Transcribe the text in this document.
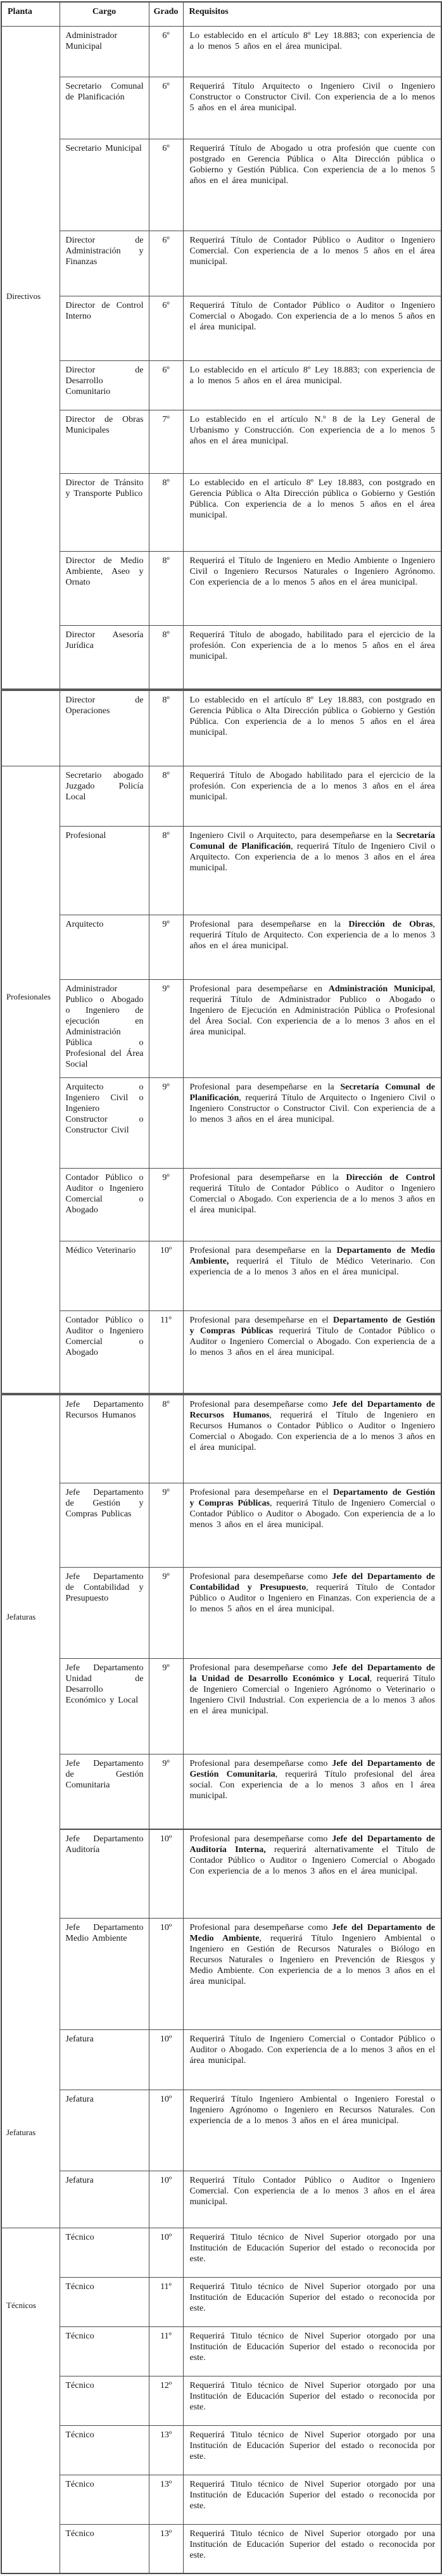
Planta	Cargo	Grado	Requisitos

Directivos	Administrador Municipal	6º	Lo establecido en el artículo 8º Ley 18.883; con experiencia de a lo menos 5 años en el área municipal.
	Secretario Comunal de Planificación	6º	Requerirá Título Arquitecto o Ingeniero Civil o Ingeniero Constructor o Constructor Civil. Con experiencia de a lo menos 5 años en el área municipal.
	Secretario Municipal	6º	Requerirá Título de Abogado u otra profesión que cuente con postgrado en Gerencia Pública o Alta Dirección pública o Gobierno y Gestión Pública. Con experiencia de a lo menos 5 años en el área municipal.
	Director de Administración y Finanzas	6º	Requerirá Título de Contador Público o Auditor o Ingeniero Comercial. Con experiencia de a lo menos 5 años en el área municipal.
	Director de Control Interno	6º	Requerirá Título de Contador Público o Auditor o Ingeniero Comercial o Abogado. Con experiencia de a lo menos 5 años en el área municipal.
	Director de Desarrollo Comunitario	6º	Lo establecido en el artículo 8º Ley 18.883; con experiencia de a lo menos 5 años en el área municipal.
	Director de Obras Municipales	7º	Lo establecido en el artículo N.º 8 de la Ley General de Urbanismo y Construcción. Con experiencia de a lo menos 5 años en el área municipal.
	Director de Tránsito y Transporte Publico	8º	Lo establecido en el artículo 8º Ley 18.883, con postgrado en Gerencia Pública o Alta Dirección pública o Gobierno y Gestión Pública. Con experiencia de a lo menos 5 años en el área municipal.
	Director de Medio Ambiente, Aseo y Ornato	8º	Requerirá el Título de Ingeniero en Medio Ambiente o Ingeniero Civil o Ingeniero Recursos Naturales o Ingeniero Agrónomo. Con experiencia de a lo menos 5 años en el área municipal.
	Director Asesoría Jurídica	8º	Requerirá Título de abogado, habilitado para el ejercicio de la profesión. Con experiencia de a lo menos 5 años en el área municipal.
	Director de Operaciones	8º	Lo establecido en el artículo 8º Ley 18.883, con postgrado en Gerencia Pública o Alta Dirección pública o Gobierno y Gestión Pública. Con experiencia de a lo menos 5 años en el área municipal.

Profesionales	Secretario abogado Juzgado Policía Local	8º	Requerirá Título de Abogado habilitado para el ejercicio de la profesión. Con experiencia de a lo menos 3 años en el área municipal.
	Profesional	8º	Ingeniero Civil o Arquitecto, para desempeñarse en la Secretaría Comunal de Planificación, requerirá Título de Ingeniero Civil o Arquitecto. Con experiencia de a lo menos 3 años en el área municipal.
	Arquitecto	9º	Profesional para desempeñarse en la Dirección de Obras, requerirá Título de Arquitecto. Con experiencia de a lo menos 3 años en el área municipal.
	Administrador Publico o Abogado o Ingeniero de ejecución en Administración Pública o Profesional del Área Social	9º	Profesional para desempeñarse en Administración Municipal, requerirá Título de Administrador Publico o Abogado o Ingeniero de Ejecución en Administración Pública o Profesional del Área Social. Con experiencia de a lo menos 3 años en el área municipal.
	Arquitecto o Ingeniero Civil o Ingeniero Constructor o Constructor Civil	9º	Profesional para desempeñarse en la Secretaría Comunal de Planificación, requerirá Título de Arquitecto o Ingeniero Civil o Ingeniero Constructor o Constructor Civil. Con experiencia de a lo menos 3 años en el área municipal.
	Contador Público o Auditor o Ingeniero Comercial o Abogado	9º	Profesional para desempeñarse en la Dirección de Control requerirá Título de Contador Público o Auditor o Ingeniero Comercial o Abogado. Con experiencia de a lo menos 3 años en el área municipal.
	Médico Veterinario	10º	Profesional para desempeñarse en la Departamento de Medio Ambiente, requerirá el Título de Médico Veterinario. Con experiencia de a lo menos 3 años en el área municipal.
	Contador Público o Auditor o Ingeniero Comercial o Abogado	11º	Profesional para desempeñarse en el Departamento de Gestión y Compras Públicas requerirá Título de Contador Público o Auditor o Ingeniero Comercial o Abogado. Con experiencia de a lo menos 3 años en el área municipal.

Jefaturas
Jefaturas	Jefe Departamento Recursos Humanos	8º	Profesional para desempeñarse como Jefe del Departamento de Recursos Humanos, requerirá el Título de Ingeniero en Recursos Humanos o Contador Público o Auditor o Ingeniero Comercial o Abogado. Con experiencia de a lo menos 3 años en el área municipal.
	Jefe Departamento de Gestión y Compras Publicas	9º	Profesional para desempeñarse en el Departamento de Gestión y Compras Públicas, requerirá Título de Ingeniero Comercial o Contador Público o Auditor o Abogado. Con experiencia de a lo menos 3 años en el área municipal.
	Jefe Departamento de Contabilidad y Presupuesto	9º	Profesional para desempeñarse como Jefe del Departamento de Contabilidad y Presupuesto, requerirá Título de Contador Público o Auditor o Ingeniero en Finanzas. Con experiencia de a lo menos 5 años en el área municipal.
	Jefe Departamento Unidad de Desarrollo Económico y Local	9º	Profesional para desempeñarse como Jefe del Departamento de la Unidad de Desarrollo Económico y Local, requerirá Título de Ingeniero Comercial o Ingeniero Agrónomo o Veterinario o Ingeniero Civil Industrial. Con experiencia de a lo menos 3 años en el área municipal.
	Jefe Departamento de Gestión Comunitaria	9º	Profesional para desempeñarse como Jefe del Departamento de Gestión Comunitaria, requerirá Título profesional del área social. Con experiencia de a lo menos 3 años en l área municipal.
	Jefe Departamento Auditoría	10º	Profesional para desempeñarse como Jefe del Departamento de Auditoría Interna, requerirá alternativamente el Título de Contador Público o Auditor o Ingeniero Comercial o Abogado Con experiencia de a lo menos 3 años en el área municipal.
	Jefe Departamento Medio Ambiente	10º	Profesional para desempeñarse como Jefe del Departamento de Medio Ambiente, requerirá Título Ingeniero Ambiental o Ingeniero en Gestión de Recursos Naturales o Biólogo en Recursos Naturales o Ingeniero en Prevención de Riesgos y Medio Ambiente. Con experiencia de a lo menos 3 años en el área municipal.
	Jefatura	10º	Requerirá Título de Ingeniero Comercial o Contador Público o Auditor o Abogado. Con experiencia de a lo menos 3 años en el área municipal.
	Jefatura	10º	Requerirá Título Ingeniero Ambiental o Ingeniero Forestal o Ingeniero Agrónomo o Ingeniero en Recursos Naturales. Con experiencia de a lo menos 3 años en el área municipal.
	Jefatura	10º	Requerirá Título Contador Público o Auditor o Ingeniero Comercial. Con experiencia de a lo menos 3 años en el área municipal.

Técnicos	Técnico	10º	Requerirá Titulo técnico de Nivel Superior otorgado por una Institución de Educación Superior del estado o reconocida por este.
	Técnico	11º	Requerirá Titulo técnico de Nivel Superior otorgado por una Institución de Educación Superior del estado o reconocida por este.
	Técnico	11º	Requerirá Titulo técnico de Nivel Superior otorgado por una Institución de Educación Superior del estado o reconocida por este.
	Técnico	12º	Requerirá Titulo técnico de Nivel Superior otorgado por una Institución de Educación Superior del estado o reconocida por este.
	Técnico	13º	Requerirá Titulo técnico de Nivel Superior otorgado por una Institución de Educación Superior del estado o reconocida por este.
	Técnico	13º	Requerirá Titulo técnico de Nivel Superior otorgado por una Institución de Educación Superior del estado o reconocida por este.
	Técnico	13º	Requerirá Titulo técnico de Nivel Superior otorgado por una Institución de Educación Superior del estado o reconocida por este.
